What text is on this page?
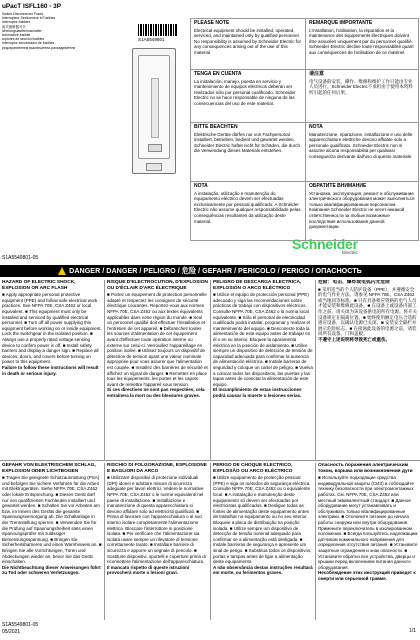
uPacT ISFL160 - 3P
Switch-Disconnector Fuses
Interrupteur-Sectionneur à Fusibles
Interruptor-fusibles
离式熔断器开关
icherungslasttrennschalter
iezionatore-fusibile
ruptores de sección fusibles
Interruptor-seccionador de fusibles
редохранителем выключатели-разъединители
S1A5549801
PLEASE NOTE

Electrical equipment should be installed, operated, serviced, and maintained only by qualified personnel. No responsibility is assumed by Schneider Electric for any consequences arising out of the use of this material.

REMARQUE IMPORTANTE

L'installation, l'utilisation, la réparation et la maintenance des équipements électriques doivent être assurées uniquement par du personnel qualifié. Schneider Electric décline toute responsabilité quant aux conséquences de l'utilisation de ce matériel.

TENGA EN CUENTA

La instalación, manejo, puesta en servicio y mantenimiento de equipos eléctricos deberán ser realizados sólo por personal cualificado. Schneider Electric no se hace responsable de ninguna de las consecuencias del uso de este material.

请注意

电气设备的安装、操作、维修和维护工作只能由专业人员进行。Schneider Electric不承担由于使用本资料所引起的任何后果。

BITTE BEACHTEN

Elektrische Geräte dürfen nur von Fachpersonal installiert, betrieben, bedient und gewartet werden. Schneider Electric haftet nicht für Schäden, die durch die Verwendung dieses Materials entstehen.

NOTA

Manutenzione, riparazione, installazione e uso delle apparecchiature elettriche devono affidate solo a personale qualificato. Schneider Electric non si assume alcuna responsabilità per qualsiasi conseguenza derivante dall'uso di questo materiale.

NOTA

A instalação, utilização e manutenção do equipamento eléctrico devem ser efectuadas exclusivamente por pessoal qualificado. A Schneider Electric não assume qualquer responsabilidade pelas consequências resultantes da utilização deste material.

ОБРАТИТЕ ВНИМАНИЕ

Установка, эксплуатация, ремонт и обслуживание электрического оборудования может выполняться только квалифицированным персоналом. Компания Schneider Electric не несет никакой ответственности за любые возможные последствия использования данной документации.

Schneider
Electric
S1A5549801-05
DANGER / DANGER / PELIGRO / 危险 / GEFAHR / PERICOLO / PERIGO / ОПАСНОСТЬ
HAZARD OF ELECTRIC SHOCK, EXPLOSION OR ARC FLASH

■ Apply appropriate personal protective equipment (PPE) and follow safe electrical work practices. See NFPA 70E, CSA Z462 or local equivalent. ■ This equipment must only be installed and serviced by qualified electrical personnel. ■ Turn off all power supplying this equipment before working on or inside equipment. Lock the switchgear in the isolated position. ■ Always use a properly rated voltage sensing device to confirm power is off. ■ Install safety barriers and display a danger sign. ■ Replace all devices, doors, and covers before turning on power to this equipment.

Failure to follow these instructions will result in death or serious injury.

RISQUE D'ÉLECTROCUTION, D'EXPLOSION OU D'ÉCLAIR D'ARC ÉLECTRIQUE

■ Portez un équipement de protection personnelle adapté et respectez les consignes de sécurité électrique courantes. Reportez-vous aux normes NFPA 70E, CSA Z462 ou aux textes équivalents applicables dans votre région du monde. ■ Seul un personnel qualifié doit effectuer l'installation et l'entretien de cet appareil. ■ Débranchez toutes les sources d'alimentation de cet équipement avant d'effectuer toute opération interne ou externe sur celui-ci. Verrouillez l'appareillage en position isolée. ■ Utilisez toujours un dispositif de détection de tension ayant une valeur nominale appropriée pour vous assurer que l'alimentation est coupée. ■ Installez des barrières de sécurité et affichez un signal de danger. ■ Remettez en place tous les équipements, les portes et les capots avant de remettre l'appareil sous tension.

Si ces directives ne sont pas respectées, cela entraînera la mort ou des blessures graves.

PELIGRO DE DESCARGA ELÉCTRICA, EXPLOSIÓN O ARCO ELÉCTRICO

■ Utilice el equipo de protección personal (PPE) adecuado y siga las recomendaciones sobre prácticas de trabajo con dispositivos eléctricos. Consulte NFPA 70E, CSA Z462 o la norma local equivalente. ■ Sólo el personal de electricidad cualificado podrá instalar, programar y realizar el mantenimiento del equipo. ■ Desconecte toda la alimentación de este equipo antes de trabajar en él o en su interior. Bloquee la aparamenta eléctrica en la posición de aislamiento. ■ Utilice siempre un dispositivo de detección de tensión de capacidad adecuada para confirmar la ausencia de alimentación eléctrica. ■ Instale barreras de seguridad y coloque un cartel de peligro. ■ Vuelva a colocar todos los dispositivos, las puertas y las tapas antes de conectar la alimentación de este equipo.

El incumplimiento de estas instrucciones podrá causar la muerte o lesiones serias.

危险：电击、爆炸或电弧闪光危险

■ 采用适当的个人防护设备（PPE），并遵循安全的电气作业方法。请参见 NFPA 70E、CSA Z462 或当地同等标准。■ 只有具备相应资格的电气人员才能安装和维修此设备。■ 在设备上或设备内部工作之前，请关闭为该设备供电的所有电源。将开关设备锁定在隔离位置。■ 始终使用额定电压合适的感应设备，以确认电源已关闭。■ 安装安全隔栏并展示危险标志。■ 在接通此设备的电源之前，请装回所有设备、门和盖板。

不遵守上述说明将导致死亡或重伤。

GEFAHR VON ELEKTRISCHEM SCHLAG, EXPLOSION ODER LICHTBOGEN

■ Tragen Sie geeignete Schutzausrüstung (PSA) und befolgen Sie sichere Verfahren für die Arbeit mit Elektrogeräten. Siehe NFPA 70E, CSA Z462 oder lokale Entsprechung. ■ Dieses Gerät darf nur von qualifizierten Fachleuten installiert und gewartet werden. ■ Schalten Sie vor Arbeiten am bzw. im Innern des Geräts die gesamte Spannungsversorgung ab. Die Schaltanlage in der Trennstellung sperren. ■ Verwenden Sie für die Prüfung auf Spannungsfreiheit stets einen Spannungsprüfer mit zulässiger Bemessungsspannung. ■ Bringen Sie Sicherheitsbarrieren und einen Warnhinweis an. ■ Bringen Sie alle Vorrichtungen, Türen und Abdeckungen wieder an, bevor Sie das Gerät einschalten.

Die Nichtbeachtung dieser Anweisungen führt zu Tod oder schweren Verletzungen.

RISCHIO DI FOLGORAZIONE, ESPLOSIONE E BAGLIORI DA ARCO

■ Utilizzare dispositivi di protezione individuali (DPI) idonei e adottare misure di sicurezza adeguate per lavori elettrici. Vedere le normative NFPA 70E, CSA Z462 o le norme equivalenti nel paese di installazione. ■ Installazione e manutenzione di questa apparecchiatura si devono affidare solo ad elettricisti qualificati. ■ Prima di lavorare con l'apparecchiatura o al suo interno isolare completamente l'alimentazione elettrica. Bloccare l'interruttore in posizione isolata. ■ Per verificare che l'alimentazione sia isolata usare sempre un rilevatore di tensione correttamente tarato. ■ Installare barriere di sicurezza e apporre un segnale di pericolo. ■ Sostituire dispositivi, sportelli e coperture prima di riconnettere l'alimentazione dell'apparecchiatura.

Il mancato rispetto di queste istruzioni provocherà morte o lesioni gravi.

PERIGO DE CHOQUE ELÉCTRICO, EXPLOSÃO OU ARCO ELÉCTRICO

■ Utilize equipamento de protecção pessoal (PPE) e siga os métodos de segurança eléctrica. Consulte NFPA 70E, CSA Z462 ou o equivalente local. ■ A instalação e manutenção deste equipamento só devem ser efectuadas por electricistas qualificados. ■ Desligue todas as fontes de alimentação deste equipamento antes de trabalhar no equipamento ou no seu interior. Bloqueie a placa de distribuição na posição isolada. ■ Utilize sempre um dispositivo de detecção de tensão nominal adequado para confirmar se a alimentação está desligada. ■ Instale barreiras de segurança e apresente um sinal de perigo. ■ Substitua todos os dispositivos, portas e tampas antes de ligar a alimentação deste equipamento.

A não observância destas instruções resultará em morte, ou ferimentos graves.

Опасность поражения электрическим током, взрыва или возникновения дуги

■ Используйте подходящие средства индивидуальной защиты (СИЗ) и соблюдайте технику безопасности при электромонтажных работах. См. NFPA 70E, CSA Z462 или местный эквивалентный стандарт. ■ Данное оборудование могут устанавливать и обслуживать только квалифицированные электрики. ■ Отключите питание до начала работы снаружи или внутри оборудования. Примените переключатель в изолированном положении. ■ Всегда пользуйтесь надлежащим датчиком номинального напряжения для определения отсутствия питания. ■ Установите защитные ограждения и знак опасности. ■ Установите обратно все устройства, дверцы и крышки перед включением питания данного оборудования.

Несоблюдение этих инструкций приведет к смерти или серьезной травме.

S1A5549801-05
05/2021	1/1
